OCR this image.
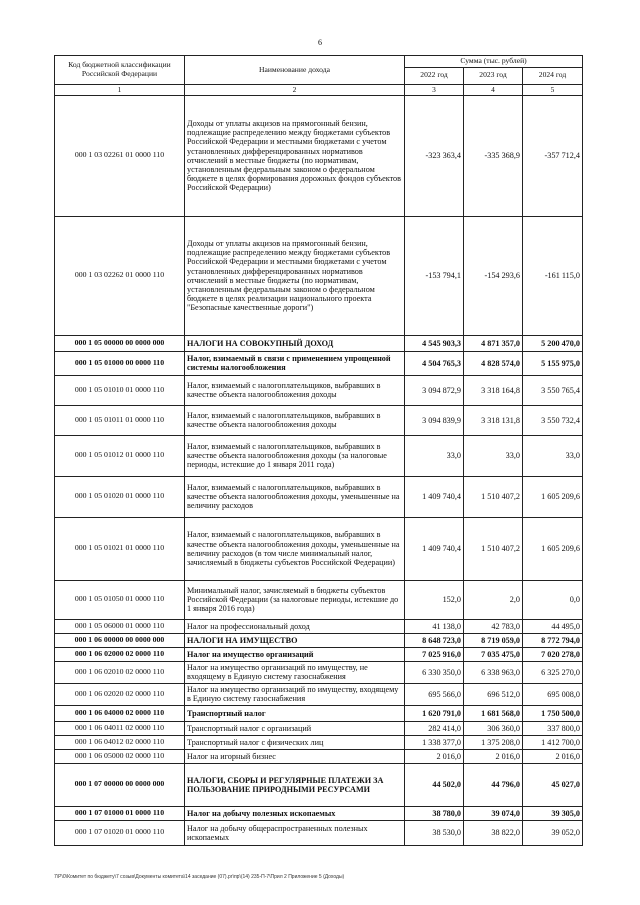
6
Код бюджетной классификации Российской Федерации	Наименование дохода	Сумма (тыс. рублей)		
		2022 год	2023 год	2024 год
1	2	3	4	5
000 1 03 02261 01 0000 110	Доходы от уплаты акцизов на прямогонный бензин, подлежащие распределению между бюджетами субъектов Российской Федерации и местными бюджетами с учетом установленных дифференцированных нормативов отчислений в местные бюджеты (по нормативам, установленным федеральным законом о федеральном бюджете в целях формирования дорожных фондов субъектов Российской Федерации)	-323 363,4	-335 368,9	-357 712,4
000 1 03 02262 01 0000 110	Доходы от уплаты акцизов на прямогонный бензин, подлежащие распределению между бюджетами субъектов Российской Федерации и местными бюджетами с учетом установленных дифференцированных нормативов отчислений в местные бюджеты (по нормативам, установленным федеральным законом о федеральном бюджете в целях реализации национального проекта "Безопасные качественные дороги")	-153 794,1	-154 293,6	-161 115,0
000 1 05 00000 00 0000 000	НАЛОГИ НА СОВОКУПНЫЙ ДОХОД	4 545 903,3	4 871 357,0	5 200 470,0
000 1 05 01000 00 0000 110	Налог, взимаемый в связи с применением упрощенной системы налогообложения	4 504 765,3	4 828 574,0	5 155 975,0
000 1 05 01010 01 0000 110	Налог, взимаемый с налогоплательщиков, выбравших в качестве объекта налогообложения доходы	3 094 872,9	3 318 164,8	3 550 765,4
000 1 05 01011 01 0000 110	Налог, взимаемый с налогоплательщиков, выбравших в качестве объекта налогообложения доходы	3 094 839,9	3 318 131,8	3 550 732,4
000 1 05 01012 01 0000 110	Налог, взимаемый с налогоплательщиков, выбравших в качестве объекта налогообложения доходы (за налоговые периоды, истекшие до 1 января 2011 года)	33,0	33,0	33,0
000 1 05 01020 01 0000 110	Налог, взимаемый с налогоплательщиков, выбравших в качестве объекта налогообложения доходы, уменьшенные на величину расходов	1 409 740,4	1 510 407,2	1 605 209,6
000 1 05 01021 01 0000 110	Налог, взимаемый с налогоплательщиков, выбравших в качестве объекта налогообложения доходы, уменьшенные на величину расходов (в том числе минимальный налог, зачисляемый в бюджеты субъектов Российской Федерации)	1 409 740,4	1 510 407,2	1 605 209,6
000 1 05 01050 01 0000 110	Минимальный налог, зачисляемый в бюджеты субъектов Российской Федерации (за налоговые периоды, истекшие до 1 января 2016 года)	152,0	2,0	0,0
000 1 05 06000 01 0000 110	Налог на профессиональный доход	41 138,0	42 783,0	44 495,0
000 1 06 00000 00 0000 000	НАЛОГИ НА ИМУЩЕСТВО	8 648 723,0	8 719 059,0	8 772 794,0
000 1 06 02000 02 0000 110	Налог на имущество организаций	7 025 916,0	7 035 475,0	7 020 278,0
000 1 06 02010 02 0000 110	Налог на имущество организаций по имуществу, не входящему в Единую систему газоснабжения	6 330 350,0	6 338 963,0	6 325 270,0
000 1 06 02020 02 0000 110	Налог на имущество организаций по имуществу, входящему в Единую систему газоснабжения	695 566,0	696 512,0	695 008,0
000 1 06 04000 02 0000 110	Транспортный налог	1 620 791,0	1 681 568,0	1 750 500,0
000 1 06 04011 02 0000 110	Транспортный налог с организаций	282 414,0	306 360,0	337 800,0
000 1 06 04012 02 0000 110	Транспортный налог с физических лиц	1 338 377,0	1 375 208,0	1 412 700,0
000 1 06 05000 02 0000 110	Налог на игорный бизнес	2 016,0	2 016,0	2 016,0
000 1 07 00000 00 0000 000	НАЛОГИ, СБОРЫ И РЕГУЛЯРНЫЕ ПЛАТЕЖИ ЗА ПОЛЬЗОВАНИЕ ПРИРОДНЫМИ РЕСУРСАМИ	44 502,0	44 796,0	45 027,0
000 1 07 01000 01 0000 110	Налог на добычу полезных ископаемых	38 780,0	39 074,0	39 305,0
000 1 07 01020 01 0000 110	Налог на добычу общераспространенных полезных ископаемых	38 530,0	38 822,0	39 052,0
7\Р\0\Комитет по бюджету\7 созыв\Документы комитета\14 заседание (07).рг\пр\(14) 235-П-7\Прил 2 Приложение 5 (Доходы)
